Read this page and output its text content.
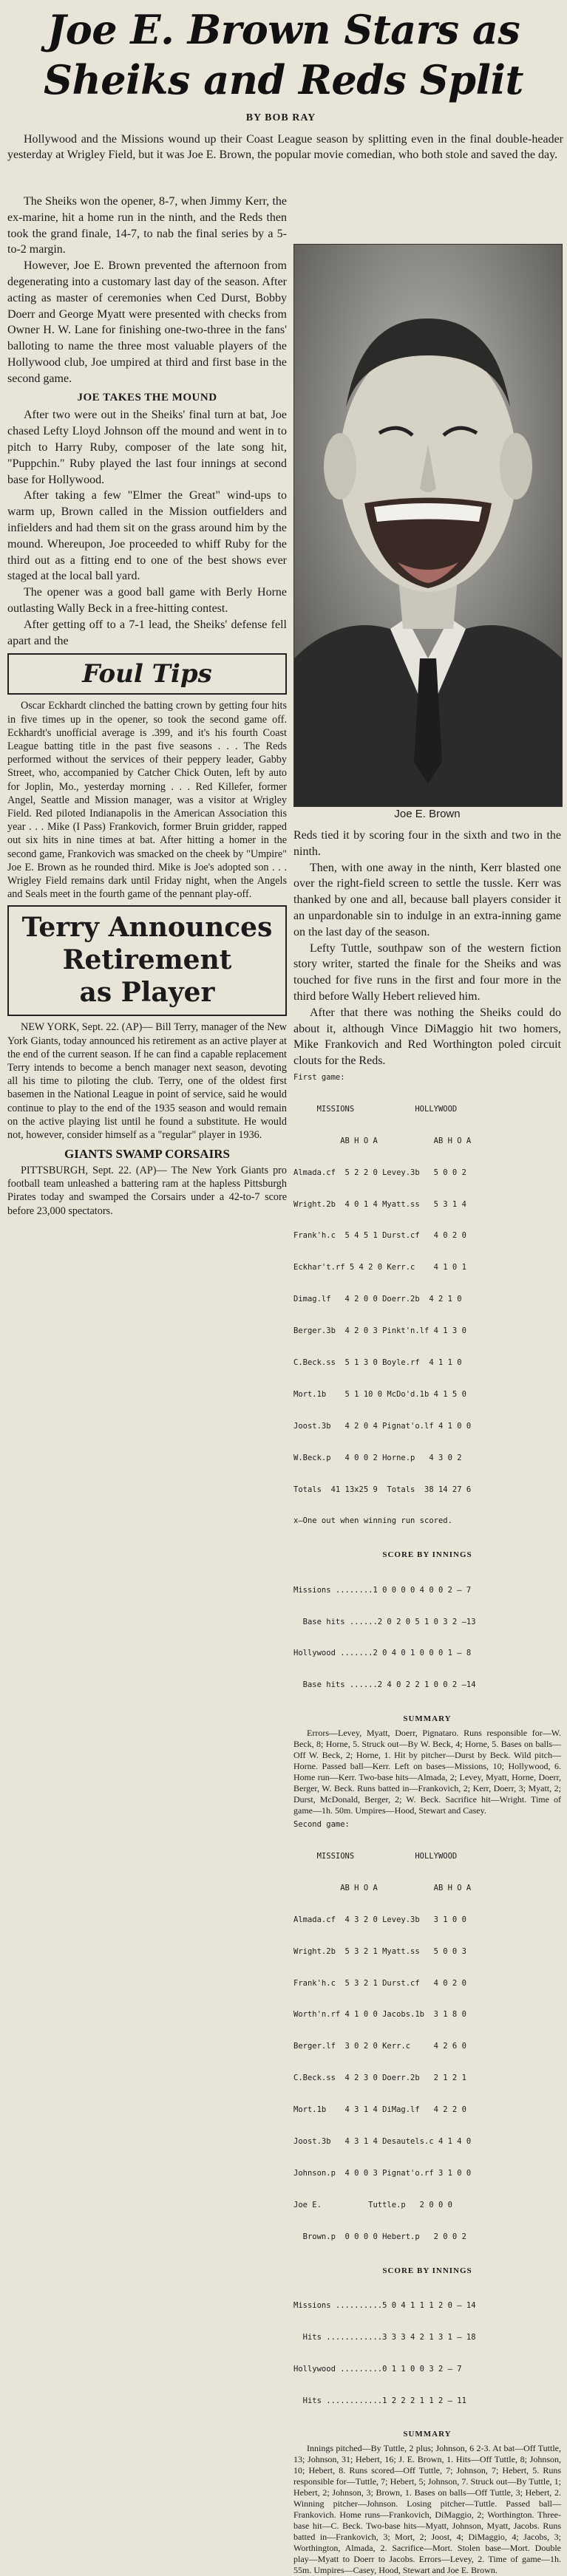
Joe E. Brown Stars as
Sheiks and Reds Split
BY BOB RAY

Hollywood and the Missions wound up their Coast League season by splitting even in the final double-header yesterday at Wrigley Field, but it was Joe E. Brown, the popular movie comedian, who both stole and saved the day.

The Sheiks won the opener, 8-7, when Jimmy Kerr, the ex-marine, hit a home run in the ninth, and the Reds then took the grand finale, 14-7, to nab the final series by a 5-to-2 margin.

However, Joe E. Brown prevented the afternoon from degenerating into a customary last day of the season. After acting as master of ceremonies when Ced Durst, Bobby Doerr and George Myatt were presented with checks from Owner H. W. Lane for finishing one-two-three in the fans' balloting to name the three most valuable players of the Hollywood club, Joe umpired at third and first base in the second game.

JOE TAKES THE MOUND

After two were out in the Sheiks' final turn at bat, Joe chased Lefty Lloyd Johnson off the mound and went in to pitch to Harry Ruby, composer of the late song hit, "Puppchin." Ruby played the last four innings at second base for Hollywood.

After taking a few "Elmer the Great" wind-ups to warm up, Brown called in the Mission outfielders and infielders and had them sit on the grass around him by the mound. Whereupon, Joe proceeded to whiff Ruby for the third out as a fitting end to one of the best shows ever staged at the local ball yard.

The opener was a good ball game with Berly Horne outlasting Wally Beck in a free-hitting contest.

After getting off to a 7-1 lead, the Sheiks' defense fell apart and the

Foul Tips

Oscar Eckhardt clinched the batting crown by getting four hits in five times up in the opener, so took the second game off. Eckhardt's unofficial average is .399, and it's his fourth Coast League batting title in the past five seasons . . . The Reds performed without the services of their peppery leader, Gabby Street, who, accompanied by Catcher Chick Outen, left by auto for Joplin, Mo., yesterday morning . . . Red Killefer, former Angel, Seattle and Mission manager, was a visitor at Wrigley Field. Red piloted Indianapolis in the American Association this year . . . Mike (I Pass) Frankovich, former Bruin gridder, rapped out six hits in nine times at bat. After hitting a homer in the second game, Frankovich was smacked on the cheek by "Umpire" Joe E. Brown as he rounded third. Mike is Joe's adopted son . . . Wrigley Field remains dark until Friday night, when the Angels and Seals meet in the fourth game of the pennant play-off.

Terry Announces
Retirement
as Player

NEW YORK, Sept. 22. (AP)— Bill Terry, manager of the New York Giants, today announced his retirement as an active player at the end of the current season. If he can find a capable replacement Terry intends to become a bench manager next season, devoting all his time to piloting the club. Terry, one of the oldest first basemen in the National League in point of service, said he would continue to play to the end of the 1935 season and would remain on the active playing list until he found a substitute. He would not, however, consider himself as a "regular" player in 1936.

GIANTS SWAMP CORSAIRS

PITTSBURGH, Sept. 22. (AP)— The New York Giants pro football team unleashed a battering ram at the hapless Pittsburgh Pirates today and swamped the Corsairs under a 42-to-7 score before 23,000 spectators.

Joe E. Brown

Reds tied it by scoring four in the sixth and two in the ninth.

Then, with one away in the ninth, Kerr blasted one over the right-field screen to settle the tussle. Kerr was thanked by one and all, because ball players consider it an unpardonable sin to indulge in an extra-inning game on the last day of the season.

Lefty Tuttle, southpaw son of the western fiction story writer, started the finale for the Sheiks and was touched for five runs in the first and four more in the third before Wally Hebert relieved him.

After that there was nothing the Sheiks could do about it, although Vince DiMaggio hit two homers, Mike Frankovich and Red Worthington poled circuit clouts for the Reds.

First game:

MISSIONS             HOLLYWOOD

AB H O A            AB H O A

Almada.cf  5 2 2 0 Levey.3b   5 0 0 2

Wright.2b  4 0 1 4 Myatt.ss   5 3 1 4

Frank'h.c  5 4 5 1 Durst.cf   4 0 2 0

Eckhar't.rf 5 4 2 0 Kerr.c    4 1 0 1

Dimag.lf   4 2 0 0 Doerr.2b  4 2 1 0

Berger.3b  4 2 0 3 Pinkt'n.lf 4 1 3 0

C.Beck.ss  5 1 3 0 Boyle.rf  4 1 1 0

Mort.1b    5 1 10 0 McDo'd.1b 4 1 5 0

Joost.3b   4 2 0 4 Pignat'o.lf 4 1 0 0

W.Beck.p   4 0 0 2 Horne.p   4 3 0 2

Totals  41 13x25 9  Totals  38 14 27 6

x—One out when winning run scored.

SCORE BY INNINGS

Missions ........1 0 0 0 0 4 0 0 2 — 7

Base hits ......2 0 2 0 5 1 0 3 2 —13

Hollywood .......2 0 4 0 1 0 0 0 1 — 8

Base hits ......2 4 0 2 2 1 0 0 2 —14

SUMMARY

Errors—Levey, Myatt, Doerr, Pignataro. Runs responsible for—W. Beck, 8; Horne, 5. Struck out—By W. Beck, 4; Horne, 5. Bases on balls—Off W. Beck, 2; Horne, 1. Hit by pitcher—Durst by Beck. Wild pitch—Horne. Passed ball—Kerr. Left on bases—Missions, 10; Hollywood, 6. Home run—Kerr. Two-base hits—Almada, 2; Levey, Myatt, Horne, Doerr, Berger, W. Beck. Runs batted in—Frankovich, 2; Kerr, Doerr, 3; Myatt, 2; Durst, McDonald, Berger, 2; W. Beck. Sacrifice hit—Wright. Time of game—1h. 50m. Umpires—Hood, Stewart and Casey.

Second game:

MISSIONS             HOLLYWOOD

AB H O A            AB H O A

Almada.cf  4 3 2 0 Levey.3b   3 1 0 0

Wright.2b  5 3 2 1 Myatt.ss   5 0 0 3

Frank'h.c  5 3 2 1 Durst.cf   4 0 2 0

Worth'n.rf 4 1 0 0 Jacobs.1b  3 1 8 0

Berger.lf  3 0 2 0 Kerr.c     4 2 6 0

C.Beck.ss  4 2 3 0 Doerr.2b   2 1 2 1

Mort.1b    4 3 1 4 DiMag.lf   4 2 2 0

Joost.3b   4 3 1 4 Desautels.c 4 1 4 0

Johnson.p  4 0 0 3 Pignat'o.rf 3 1 0 0

Joe E.          Tuttle.p   2 0 0 0

Brown.p  0 0 0 0 Hebert.p   2 0 0 2

SCORE BY INNINGS

Missions ..........5 0 4 1 1 1 2 0 — 14

Hits ............3 3 3 4 2 1 3 1 — 18

Hollywood .........0 1 1 0 0 3 2 — 7

Hits ............1 2 2 2 1 1 2 — 11

SUMMARY

Innings pitched—By Tuttle, 2 plus; Johnson, 6 2-3. At bat—Off Tuttle, 13; Johnson, 31; Hebert, 16; J. E. Brown, 1. Hits—Off Tuttle, 8; Johnson, 10; Hebert, 8. Runs scored—Off Tuttle, 7; Johnson, 7; Hebert, 5. Runs responsible for—Tuttle, 7; Hebert, 5; Johnson, 7. Struck out—By Tuttle, 1; Hebert, 2; Johnson, 3; Brown, 1. Bases on balls—Off Tuttle, 3; Hebert, 2. Winning pitcher—Johnson. Losing pitcher—Tuttle. Passed ball—Frankovich. Home runs—Frankovich, DiMaggio, 2; Worthington. Three-base hit—C. Beck. Two-base hits—Myatt, Johnson, Myatt, Jacobs. Runs batted in—Frankovich, 3; Mort, 2; Joost, 4; DiMaggio, 4; Jacobs, 3; Worthington, Almada, 2. Sacrifice—Mort. Stolen base—Mort. Double play—Myatt to Doerr to Jacobs. Errors—Levey, 2. Time of game—1h. 55m. Umpires—Casey, Hood, Stewart and Joe E. Brown.
